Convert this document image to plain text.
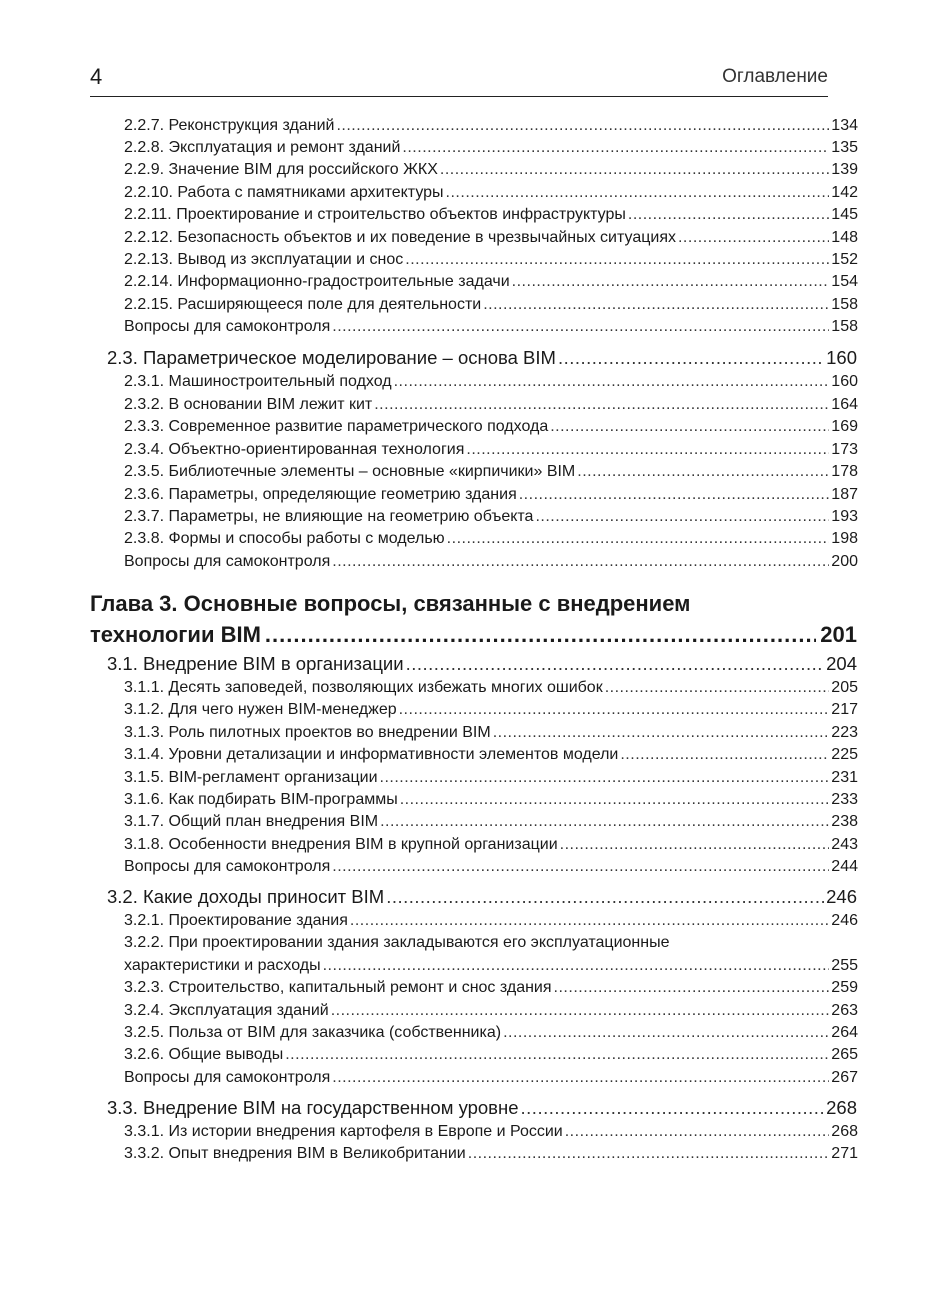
4	Оглавление
2.2.7. Реконструкция зданий .....	134
2.2.8. Эксплуатация и ремонт зданий .....	135
2.2.9. Значение BIM для российского ЖКХ .....	139
2.2.10. Работа с памятниками архитектуры .....	142
2.2.11. Проектирование и строительство объектов инфраструктуры .....	145
2.2.12. Безопасность объектов и их поведение в чрезвычайных ситуациях .....	148
2.2.13. Вывод из эксплуатации и снос .....	152
2.2.14. Информационно-градостроительные задачи .....	154
2.2.15. Расширяющееся поле для деятельности .....	158
Вопросы для самоконтроля .....	158
2.3. Параметрическое моделирование – основа BIM .....	160
2.3.1. Машиностроительный подход .....	160
2.3.2. В основании BIM лежит кит .....	164
2.3.3. Современное развитие параметрического подхода .....	169
2.3.4. Объектно-ориентированная технология .....	173
2.3.5. Библиотечные элементы – основные «кирпичики» BIM .....	178
2.3.6. Параметры, определяющие геометрию здания .....	187
2.3.7. Параметры, не влияющие на геометрию объекта .....	193
2.3.8. Формы и способы работы с моделью .....	198
Вопросы для самоконтроля .....	200
Глава 3. Основные вопросы, связанные с внедрением
технологии BIM .....	201
3.1. Внедрение BIM в организации .....	204
3.1.1. Десять заповедей, позволяющих избежать многих ошибок .....	205
3.1.2. Для чего нужен BIM-менеджер .....	217
3.1.3. Роль пилотных проектов во внедрении BIM .....	223
3.1.4. Уровни детализации и информативности элементов модели .....	225
3.1.5. BIM-регламент организации .....	231
3.1.6. Как подбирать BIM-программы .....	233
3.1.7. Общий план внедрения BIM .....	238
3.1.8. Особенности внедрения BIM в крупной организации .....	243
Вопросы для самоконтроля .....	244
3.2. Какие доходы приносит BIM .....	246
3.2.1. Проектирование здания .....	246
3.2.2. При проектировании здания закладываются его эксплуатационные
характеристики и расходы .....	255
3.2.3. Строительство, капитальный ремонт и снос здания .....	259
3.2.4. Эксплуатация зданий .....	263
3.2.5. Польза от BIM для заказчика (собственника) .....	264
3.2.6. Общие выводы .....	265
Вопросы для самоконтроля .....	267
3.3. Внедрение BIM на государственном уровне .....	268
3.3.1. Из истории внедрения картофеля в Европе и России .....	268
3.3.2. Опыт внедрения BIM в Великобритании .....	271
